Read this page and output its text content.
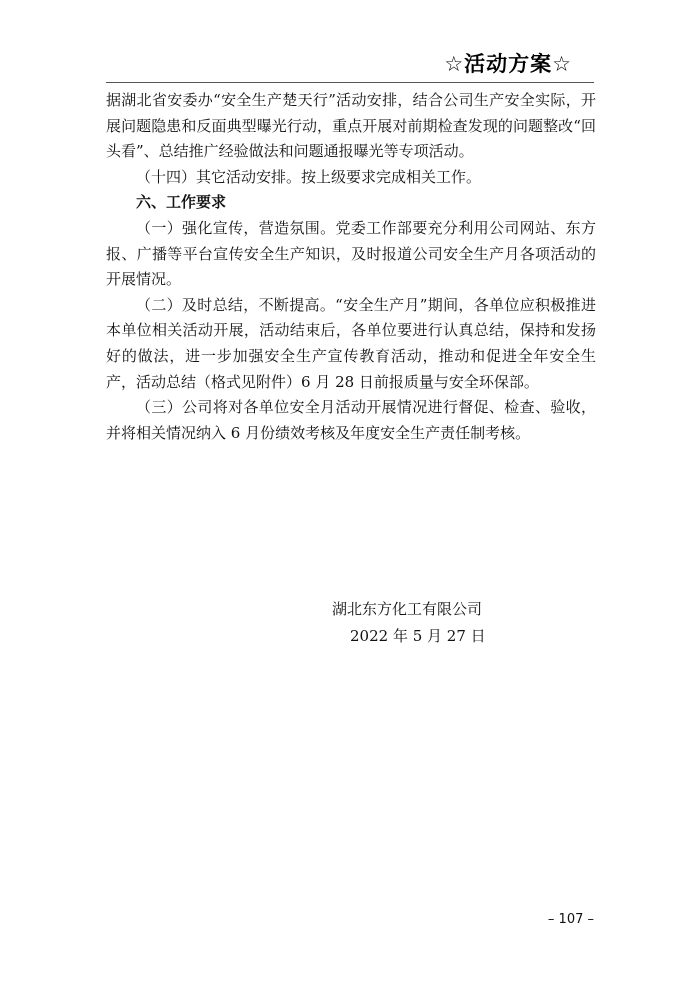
☆活动方案☆

据湖北省安委办“安全生产楚天行”活动安排，结合公司生产安全实际，开展问题隐患和反面典型曝光行动，重点开展对前期检查发现的问题整改“回头看”、总结推广经验做法和问题通报曝光等专项活动。

（十四）其它活动安排。按上级要求完成相关工作。

六、工作要求

（一）强化宣传，营造氛围。党委工作部要充分利用公司网站、东方报、广播等平台宣传安全生产知识，及时报道公司安全生产月各项活动的开展情况。

（二）及时总结，不断提高。“安全生产月”期间，各单位应积极推进本单位相关活动开展，活动结束后，各单位要进行认真总结，保持和发扬好的做法，进一步加强安全生产宣传教育活动，推动和促进全年安全生产，活动总结（格式见附件）6 月 28 日前报质量与安全环保部。

（三）公司将对各单位安全月活动开展情况进行督促、检查、验收，并将相关情况纳入 6 月份绩效考核及年度安全生产责任制考核。

湖北东方化工有限公司
2022 年 5 月 27 日
– 107 –
